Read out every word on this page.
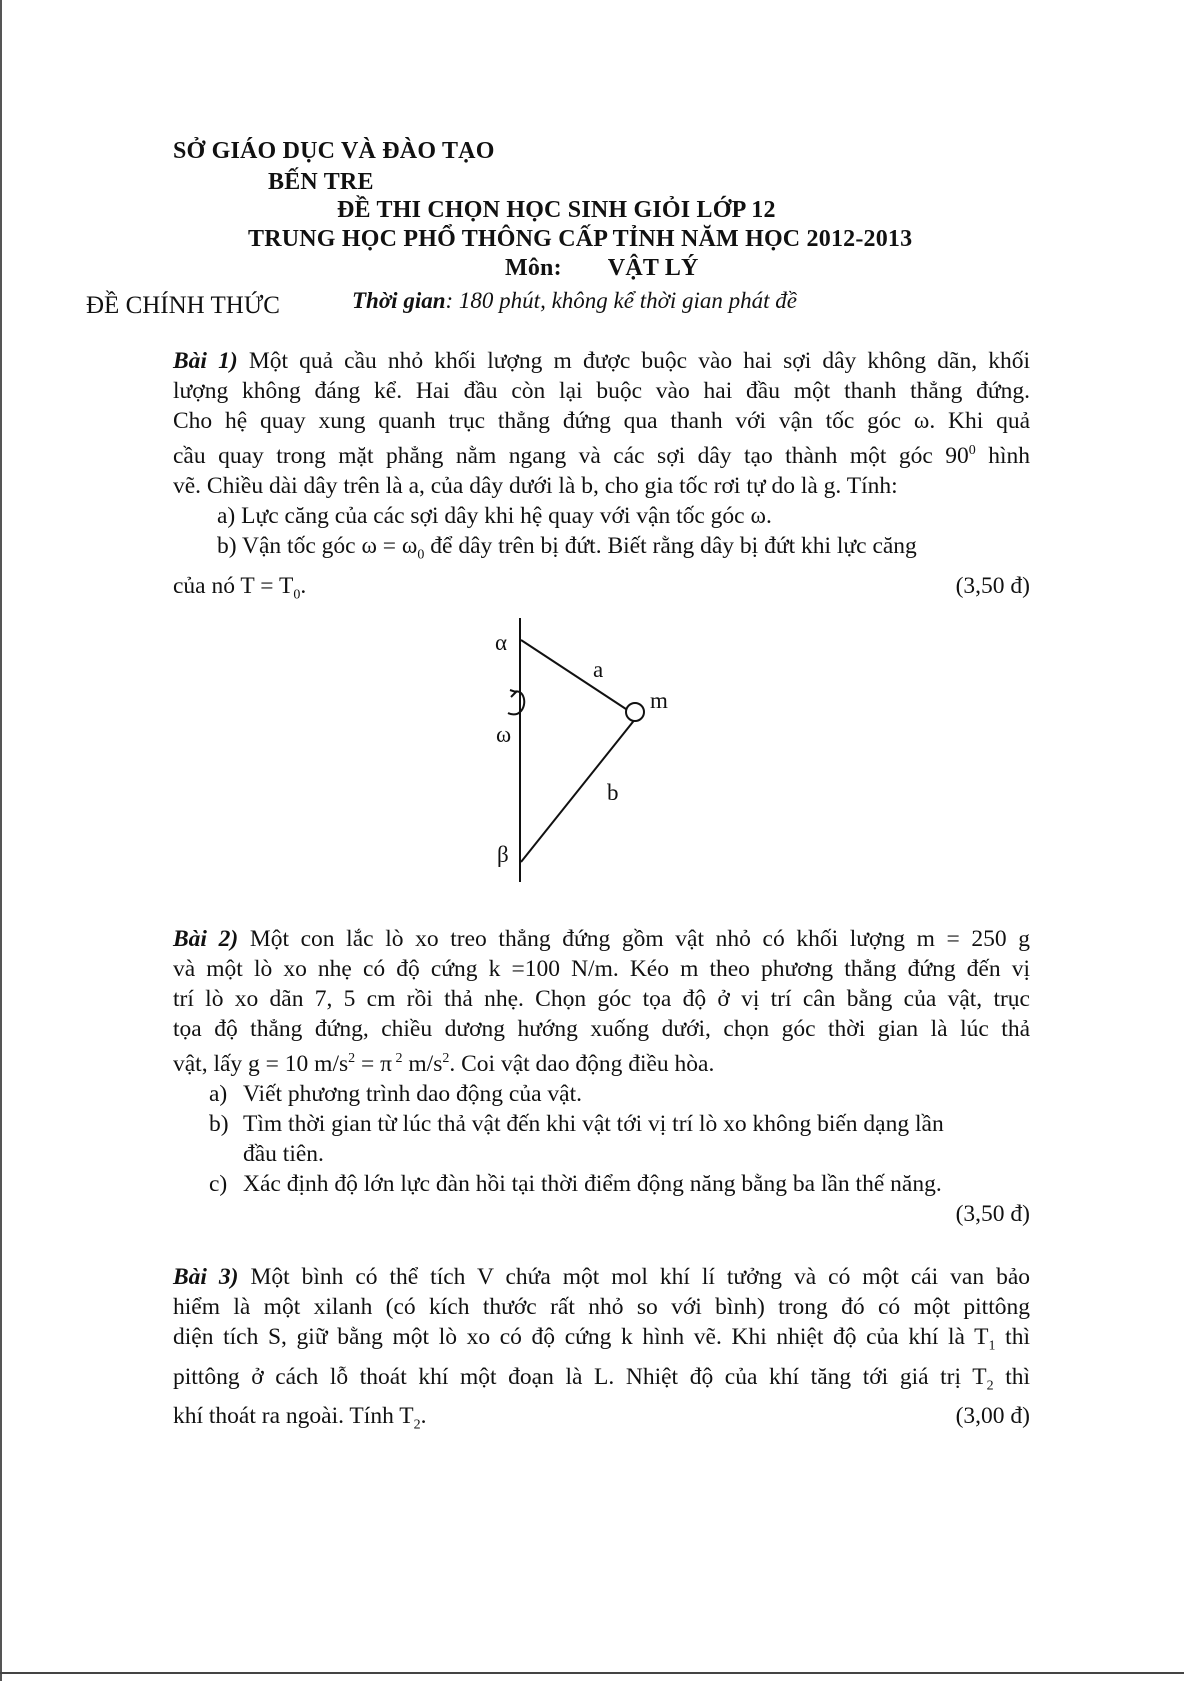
SỞ GIÁO DỤC VÀ ĐÀO TẠO
BẾN TRE
ĐỀ THI CHỌN HỌC SINH GIỎI LỚP 12
TRUNG HỌC PHỔ THÔNG CẤP TỈNH NĂM HỌC 2012-2013
Môn: VẬT LÝ
ĐỀ CHÍNH THỨC	Thời gian: 180 phút, không kể thời gian phát đề
Bài 1) Một quả cầu nhỏ khối lượng m được buộc vào hai sợi dây không dãn, khối
lượng không đáng kể. Hai đầu còn lại buộc vào hai đầu một thanh thẳng đứng.
Cho hệ quay xung quanh trục thẳng đứng qua thanh với vận tốc góc ω. Khi quả
cầu quay trong mặt phẳng nằm ngang và các sợi dây tạo thành một góc $90^0$ hình
vẽ. Chiều dài dây trên là a, của dây dưới là b, cho gia tốc rơi tự do là g. Tính:
a) Lực căng của các sợi dây khi hệ quay với vận tốc góc ω.
b) Vận tốc góc $\omega = \omega_0$ để dây trên bị đứt. Biết rằng dây bị đứt khi lực căng
của nó $T = T_0$.	(3,50 đ)
α
a
m
ω
b
β
Bài 2) Một con lắc lò xo treo thẳng đứng gồm vật nhỏ có khối lượng m = 250 g
và một lò xo nhẹ có độ cứng k =100 N/m. Kéo m theo phương thẳng đứng đến vị
trí lò xo dãn 7, 5 cm rồi thả nhẹ. Chọn góc tọa độ ở vị trí cân bằng của vật, trục
tọa độ thẳng đứng, chiều dương hướng xuống dưới, chọn góc thời gian là lúc thả
vật, lấy g = 10 $m/s^2 = \pi$ $^2$ $m/s^2$. Coi vật dao động điều hòa.
a) Viết phương trình dao động của vật.
b) Tìm thời gian từ lúc thả vật đến khi vật tới vị trí lò xo không biến dạng lần
đầu tiên.
c) Xác định độ lớn lực đàn hồi tại thời điểm động năng bằng ba lần thế năng.
(3,50 đ)
Bài 3) Một bình có thể tích V chứa một mol khí lí tưởng và có một cái van bảo
hiểm là một xilanh (có kích thước rất nhỏ so với bình) trong đó có một pittông
diện tích S, giữ bằng một lò xo có độ cứng k hình vẽ. Khi nhiệt độ của khí là $T_1$ thì
pittông ở cách lỗ thoát khí một đoạn là L. Nhiệt độ của khí tăng tới giá trị $T_2$ thì
khí thoát ra ngoài. Tính $T_2$.	(3,00 đ)
